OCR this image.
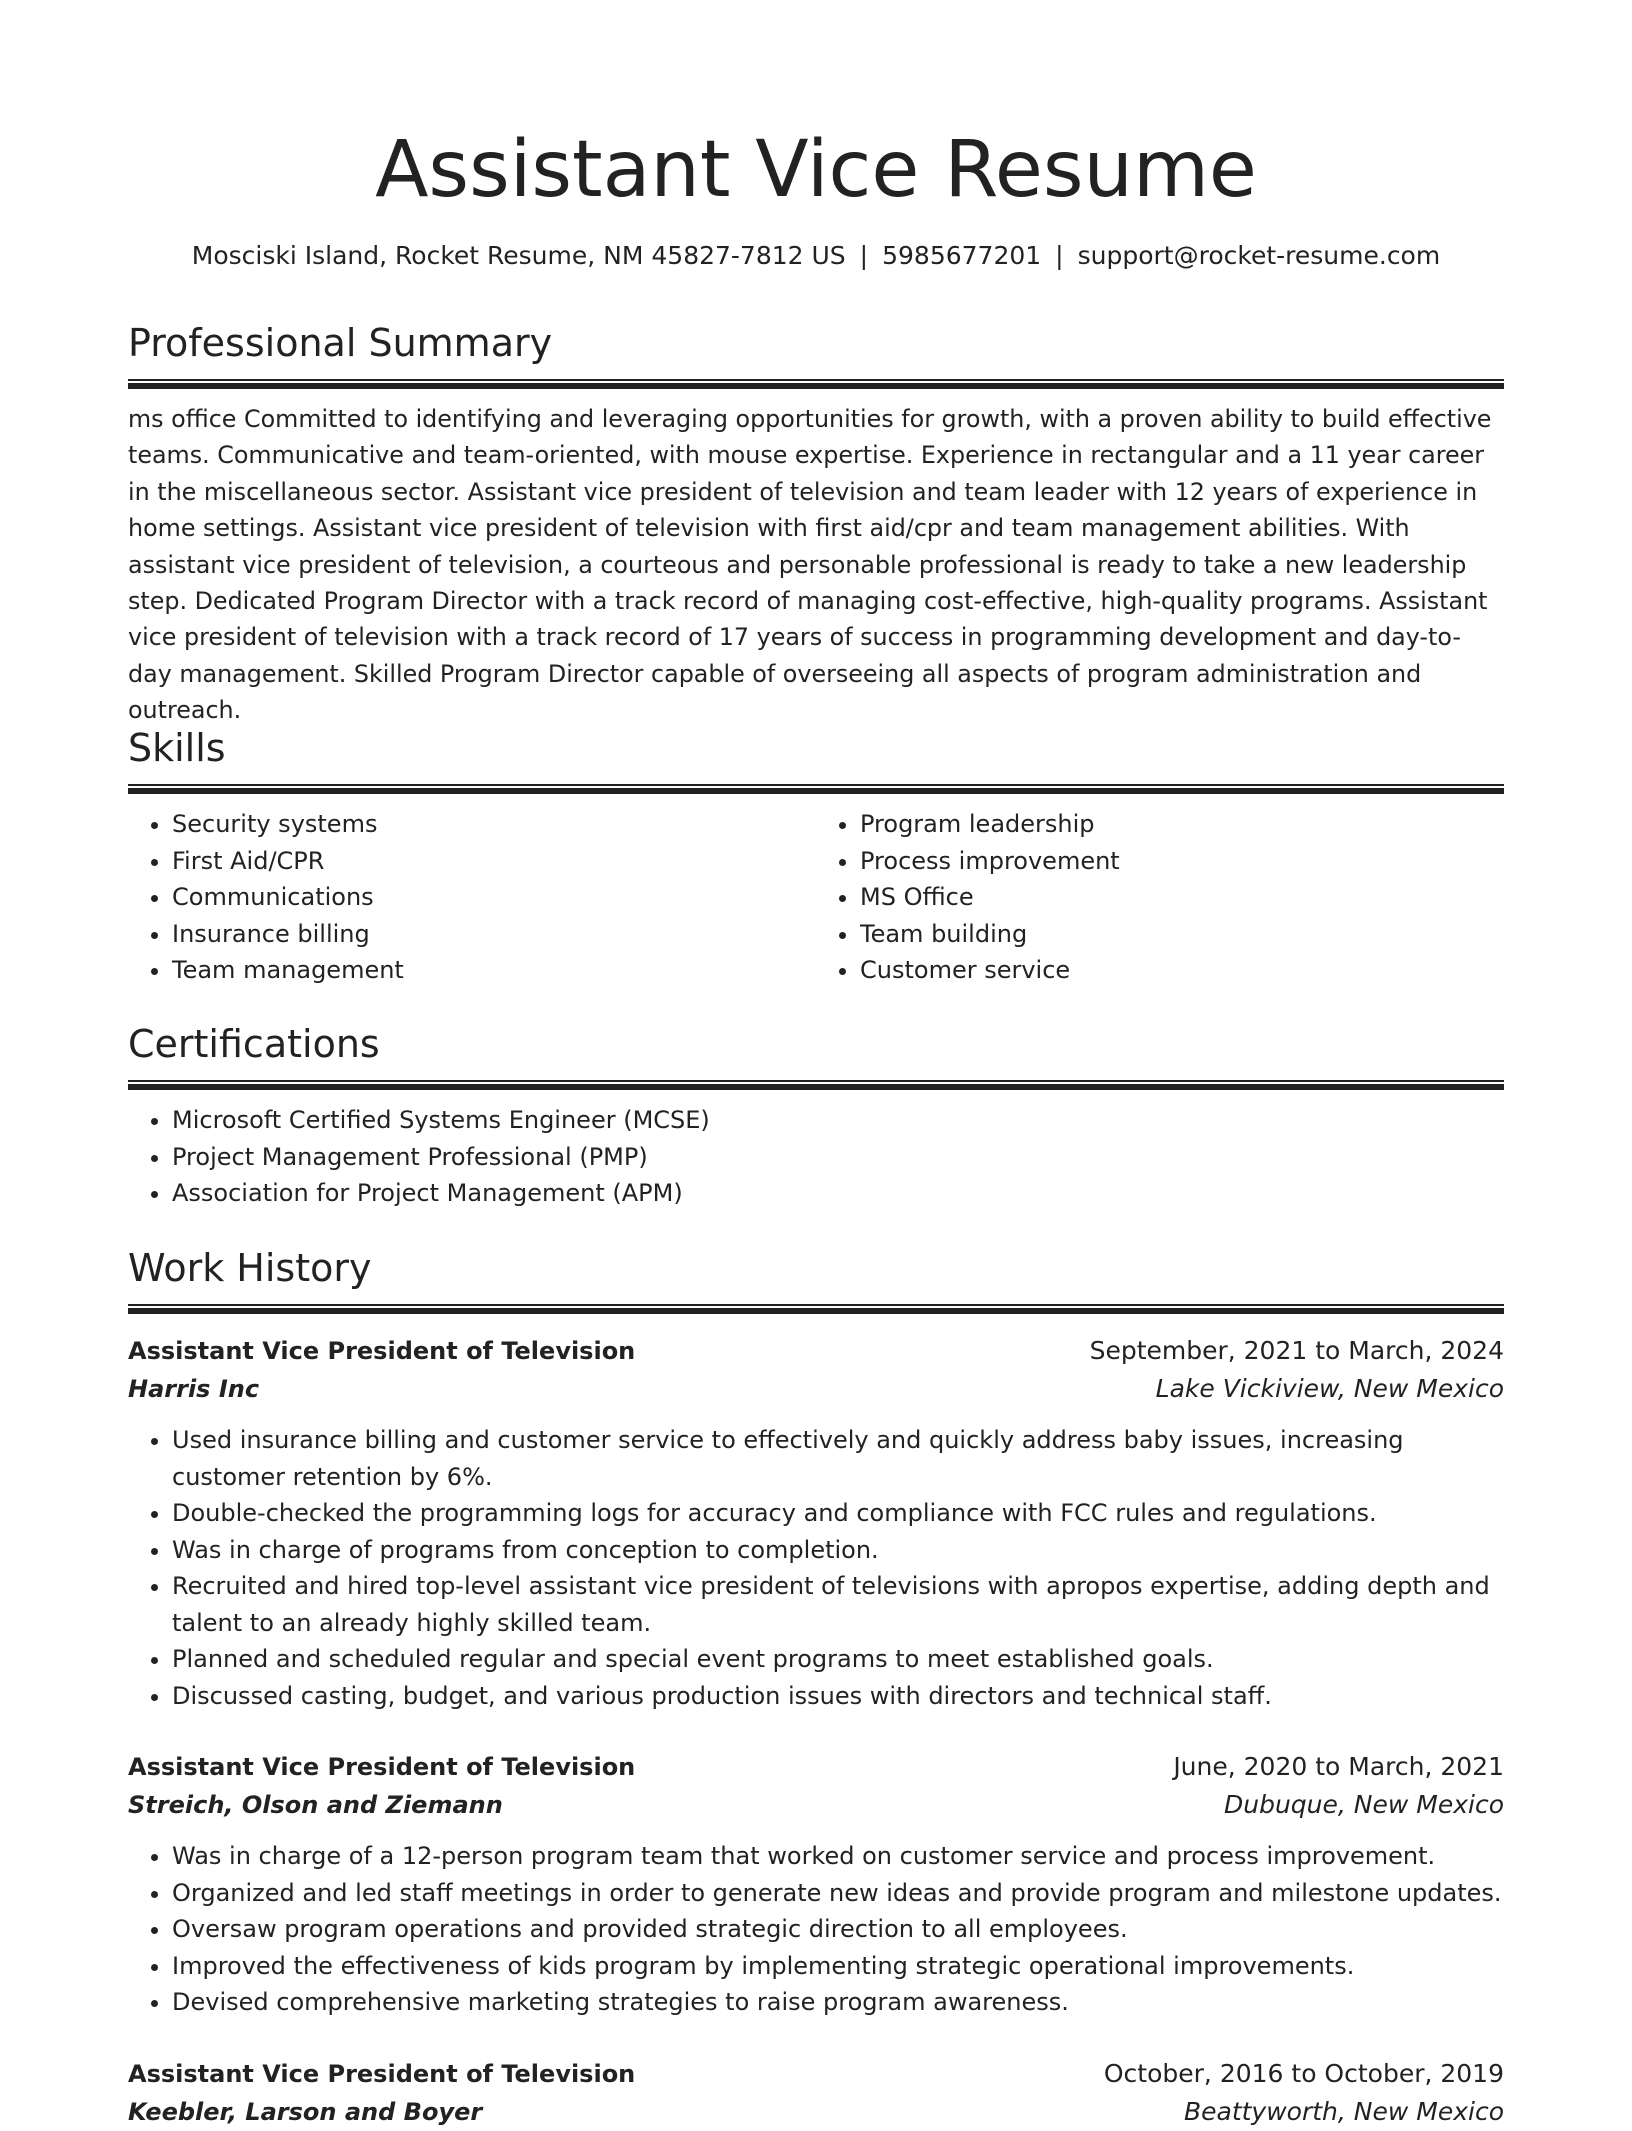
Assistant Vice Resume
Mosciski Island, Rocket Resume, NM 45827-7812 US | 5985677201 | support@rocket-resume.com
Professional Summary

ms office Committed to identifying and leveraging opportunities for growth, with a proven ability to build effective teams. Communicative and team-oriented, with mouse expertise. Experience in rectangular and a 11 year career in the miscellaneous sector. Assistant vice president of television and team leader with 12 years of experience in home settings. Assistant vice president of television with first aid/cpr and team management abilities. With assistant vice president of television, a courteous and personable professional is ready to take a new leadership step. Dedicated Program Director with a track record of managing cost-effective, high-quality programs. Assistant vice president of television with a track record of 17 years of success in programming development and day-to-day management. Skilled Program Director capable of overseeing all aspects of program administration and outreach.

Skills
• Security systems
• First Aid/CPR
• Communications
• Insurance billing
• Team management
• Program leadership
• Process improvement
• MS Office
• Team building
• Customer service
Certifications
• Microsoft Certified Systems Engineer (MCSE)
• Project Management Professional (PMP)
• Association for Project Management (APM)
Work History
Assistant Vice President of Television	September, 2021 to March, 2024
Harris Inc	Lake Vickiview, New Mexico
• Used insurance billing and customer service to effectively and quickly address baby issues, increasing customer retention by 6%.
• Double-checked the programming logs for accuracy and compliance with FCC rules and regulations.
• Was in charge of programs from conception to completion.
• Recruited and hired top-level assistant vice president of televisions with apropos expertise, adding depth and talent to an already highly skilled team.
• Planned and scheduled regular and special event programs to meet established goals.
• Discussed casting, budget, and various production issues with directors and technical staff.
Assistant Vice President of Television	June, 2020 to March, 2021
Streich, Olson and Ziemann	Dubuque, New Mexico
• Was in charge of a 12-person program team that worked on customer service and process improvement.
• Organized and led staff meetings in order to generate new ideas and provide program and milestone updates.
• Oversaw program operations and provided strategic direction to all employees.
• Improved the effectiveness of kids program by implementing strategic operational improvements.
• Devised comprehensive marketing strategies to raise program awareness.
Assistant Vice President of Television	October, 2016 to October, 2019
Keebler, Larson and Boyer	Beattyworth, New Mexico
